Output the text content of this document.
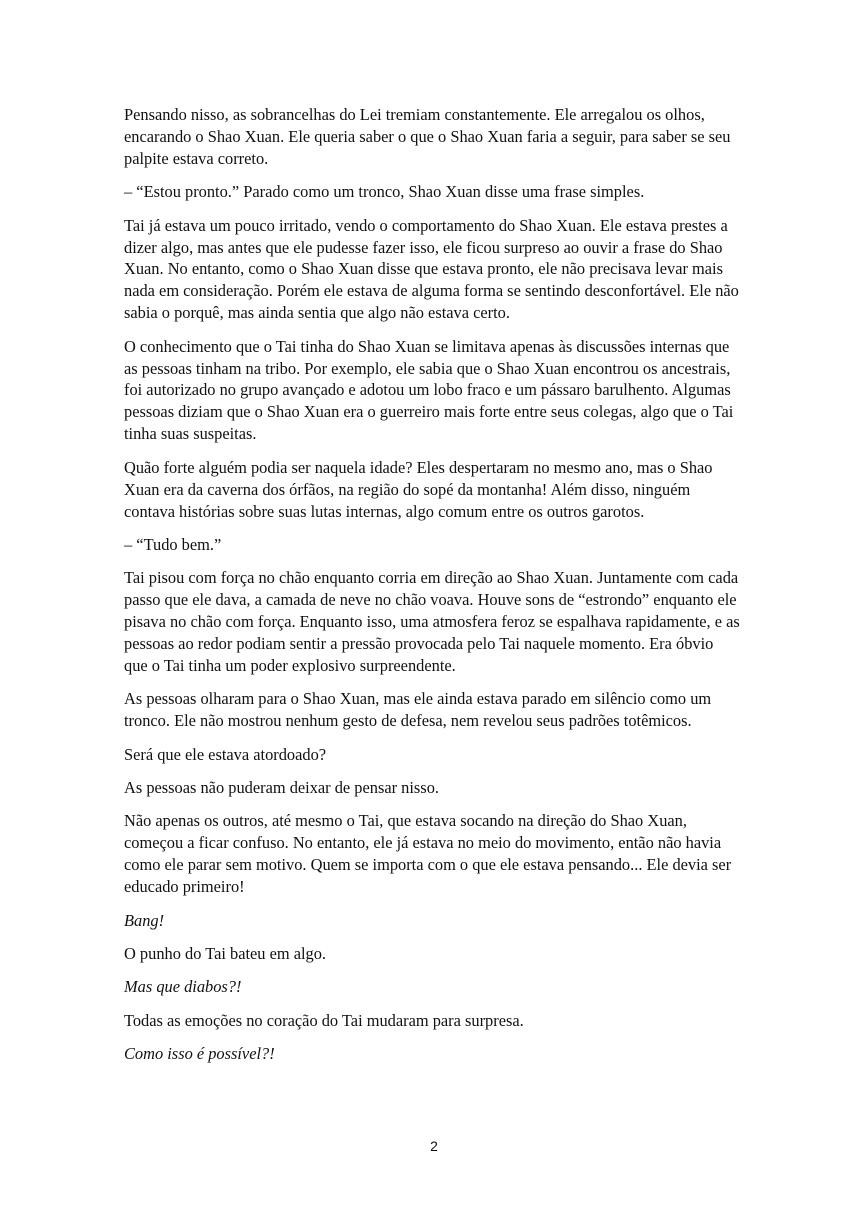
Pensando nisso, as sobrancelhas do Lei tremiam constantemente. Ele arregalou os olhos, encarando o Shao Xuan. Ele queria saber o que o Shao Xuan faria a seguir, para saber se seu palpite estava correto.

– “Estou pronto.” Parado como um tronco, Shao Xuan disse uma frase simples.

Tai já estava um pouco irritado, vendo o comportamento do Shao Xuan. Ele estava prestes a dizer algo, mas antes que ele pudesse fazer isso, ele ficou surpreso ao ouvir a frase do Shao Xuan. No entanto, como o Shao Xuan disse que estava pronto, ele não precisava levar mais nada em consideração. Porém ele estava de alguma forma se sentindo desconfortável. Ele não sabia o porquê, mas ainda sentia que algo não estava certo.

O conhecimento que o Tai tinha do Shao Xuan se limitava apenas às discussões internas que as pessoas tinham na tribo. Por exemplo, ele sabia que o Shao Xuan encontrou os ancestrais, foi autorizado no grupo avançado e adotou um lobo fraco e um pássaro barulhento. Algumas pessoas diziam que o Shao Xuan era o guerreiro mais forte entre seus colegas, algo que o Tai tinha suas suspeitas.

Quão forte alguém podia ser naquela idade? Eles despertaram no mesmo ano, mas o Shao Xuan era da caverna dos órfãos, na região do sopé da montanha! Além disso, ninguém contava histórias sobre suas lutas internas, algo comum entre os outros garotos.

– “Tudo bem.”

Tai pisou com força no chão enquanto corria em direção ao Shao Xuan. Juntamente com cada passo que ele dava, a camada de neve no chão voava. Houve sons de “estrondo” enquanto ele pisava no chão com força. Enquanto isso, uma atmosfera feroz se espalhava rapidamente, e as pessoas ao redor podiam sentir a pressão provocada pelo Tai naquele momento. Era óbvio que o Tai tinha um poder explosivo surpreendente.

As pessoas olharam para o Shao Xuan, mas ele ainda estava parado em silêncio como um tronco. Ele não mostrou nenhum gesto de defesa, nem revelou seus padrões totêmicos.

Será que ele estava atordoado?

As pessoas não puderam deixar de pensar nisso.

Não apenas os outros, até mesmo o Tai, que estava socando na direção do Shao Xuan, começou a ficar confuso. No entanto, ele já estava no meio do movimento, então não havia como ele parar sem motivo. Quem se importa com o que ele estava pensando... Ele devia ser educado primeiro!

Bang!

O punho do Tai bateu em algo.

Mas que diabos?!

Todas as emoções no coração do Tai mudaram para surpresa.

Como isso é possível?!

2
